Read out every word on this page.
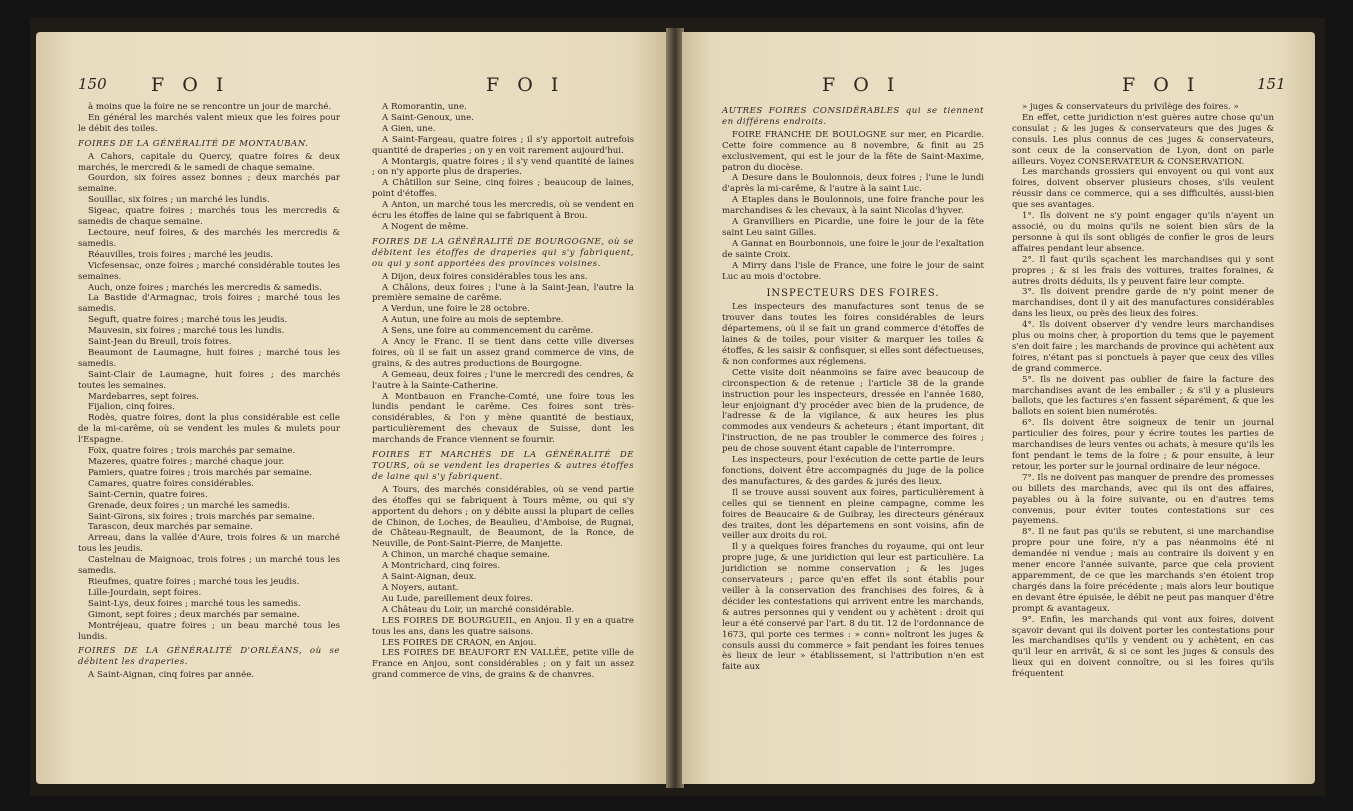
150 F O I	F O I

à moins que la foire ne se rencontre un jour de marché.

En général les marchés valent mieux que les foires pour le débit des toiles.

FOIRES DE LA GÉNÉRALITÉ DE MONTAUBAN.

A Cahors, capitale du Quercy, quatre foires & deux marchés, le mercredi & le samedi de chaque semaine.

Gourdon, six foires assez bonnes ; deux marchés par semaine.

Souillac, six foires ; un marché les lundis.

Sigeac, quatre foires ; marchés tous les mercredis & samedis de chaque semaine.

Lectoure, neuf foires, & des marchés les mercredis & samedis.

Réauvilles, trois foires ; marché les jeudis.

Vicfesensac, onze foires ; marché considérable toutes les semaines.

Auch, onze foires ; marchés les mercredis & samedis.

La Bastide d'Armagnac, trois foires ; marché tous les samedis.

Seguft, quatre foires ; marché tous les jeudis.

Mauvesin, six foires ; marché tous les lundis.

Saint-Jean du Breuil, trois foires.

Beaumont de Laumagne, huit foires ; marché tous les samedis.

Saint-Clair de Laumagne, huit foires ; des marchés toutes les semaines.

Mardebarres, sept foires.

Fijalion, cinq foires.

Rodès, quatre foires, dont la plus considérable est celle de la mi-carême, où se vendent les mules & mulets pour l'Espagne.

Foix, quatre foires ; trois marchés par semaine.

Mazeres, quatre foires ; marché chaque jour.

Pamiers, quatre foires ; trois marchés par semaine.

Camares, quatre foires considérables.

Saint-Cernin, quatre foires.

Grenade, deux foires ; un marché les samedis.

Saint-Girons, six foires ; trois marchés par semaine.

Tarascon, deux marchés par semaine.

Arreau, dans la vallée d'Aure, trois foires & un marché tous les jeudis.

Castelnau de Maignoac, trois foires ; un marché tous les samedis.

Rieufmes, quatre foires ; marché tous les jeudis.

Lille-Jourdain, sept foires.

Saint-Lys, deux foires ; marché tous les samedis.

Gimont, sept foires ; deux marchés par semaine.

Montréjeau, quatre foires ; un beau marché tous les lundis.

FOIRES DE LA GÉNÉRALITÉ D'ORLÉANS, où se débitent les draperies.

A Saint-Aignan, cinq foires par année.

A Romorantin, une.

A Saint-Genoux, une.

A Gien, une.

A Saint-Fargeau, quatre foires ; il s'y apportoit autrefois quantité de draperies ; on y en voit rarement aujourd'hui.

A Montargis, quatre foires ; il s'y vend quantité de laines ; on n'y apporte plus de draperies.

A Châtillon sur Seine, cinq foires ; beaucoup de laines, point d'étoffes.

A Anton, un marché tous les mercredis, où se vendent en écru les étoffes de laine qui se fabriquent à Brou.

A Nogent de même.

FOIRES DE LA GÉNÉRALITÉ DE BOURGOGNE, où se débitent les étoffes de draperies qui s'y fabriquent, ou qui y sont apportées des provinces voisines.

A Dijon, deux foires considérables tous les ans.

A Châlons, deux foires ; l'une à la Saint-Jean, l'autre la première semaine de carême.

A Verdun, une foire le 28 octobre.

A Autun, une foire au mois de septembre.

A Sens, une foire au commencement du carême.

A Ancy le Franc. Il se tient dans cette ville diverses foires, où il se fait un assez grand commerce de vins, de grains, & des autres productions de Bourgogne.

A Gemeau, deux foires ; l'une le mercredi des cendres, & l'autre à la Sainte-Catherine.

A Montbauon en Franche-Comté, une foire tous les lundis pendant le carême. Ces foires sont très-considérables, & l'on y mène quantité de bestiaux, particulièrement des chevaux de Suisse, dont les marchands de France viennent se fournir.

FOIRES ET MARCHÉS DE LA GÉNÉRALITÉ DE TOURS, où se vendent les draperies & autres étoffes de laine qui s'y fabriquent.

A Tours, des marchés considérables, où se vend partie des étoffes qui se fabriquent à Tours même, ou qui s'y apportent du dehors ; on y débite aussi la plupart de celles de Chinon, de Loches, de Beaulieu, d'Amboise, de Rugnai, de Château-Regnault, de Beaumont, de la Ronce, de Neuville, de Pont-Saint-Pierre, de Manjette.

A Chinon, un marché chaque semaine.

A Montrichard, cinq foires.

A Saint-Aignan, deux.

A Noyers, autant.

Au Lude, pareillement deux foires.

A Château du Loir, un marché considérable.

LES FOIRES DE BOURGUEIL, en Anjou. Il y en a quatre tous les ans, dans les quatre saisons.

LES FOIRES DE CRAON, en Anjou.

LES FOIRES DE BEAUFORT EN VALLÉE, petite ville de France en Anjou, sont considérables ; on y fait un assez grand commerce de vins, de grains & de chanvres.

F O I	F O I	151

AUTRES FOIRES CONSIDÉRABLES qui se tiennent en différens endroits.

FOIRE FRANCHE DE BOULOGNE sur mer, en Picardie. Cette foire commence au 8 novembre, & finit au 25 exclusivement, qui est le jour de la fête de Saint-Maxime, patron du diocèse.

A Desure dans le Boulonnois, deux foires ; l'une le lundi d'après la mi-carême, & l'autre à la saint Luc.

A Etaples dans le Boulonnois, une foire franche pour les marchandises & les chevaux, à la saint Nicolas d'hyver.

A Granvilliers en Picardie, une foire le jour de la fête saint Leu saint Gilles.

A Gannat en Bourbonnois, une foire le jour de l'exaltation de sainte Croix.

A Mirry dans l'isle de France, une foire le jour de saint Luc au mois d'octobre.

INSPECTEURS DES FOIRES.

Les inspecteurs des manufactures sont tenus de se trouver dans toutes les foires considérables de leurs départemens, où il se fait un grand commerce d'étoffes de laines & de toiles, pour visiter & marquer les toiles & étoffes, & les saisir & confisquer, si elles sont défectueuses, & non conformes aux réglemens.

Cette visite doit néanmoins se faire avec beaucoup de circonspection & de retenue ; l'article 38 de la grande instruction pour les inspecteurs, dressée en l'année 1680, leur enjoignant d'y procéder avec bien de la prudence, de l'adresse & de la vigilance, & aux heures les plus commodes aux vendeurs & acheteurs ; étant important, dit l'instruction, de ne pas troubler le commerce des foires ; peu de chose souvent étant capable de l'interrompre.

Les inspecteurs, pour l'exécution de cette partie de leurs fonctions, doivent être accompagnés du juge de la police des manufactures, & des gardes & jurés des lieux.

Il se trouve aussi souvent aux foires, particulièrement à celles qui se tiennent en pleine campagne, comme les foires de Beaucaire & de Guibray, les directeurs généraux des traites, dont les départemens en sont voisins, afin de veiller aux droits du roi.

Il y a quelques foires franches du royaume, qui ont leur propre juge, & une juridiction qui leur est particulière. La juridiction se nomme conservation ; & les juges conservateurs ; parce qu'en effet ils sont établis pour veiller à la conservation des franchises des foires, & à décider les contestations qui arrivent entre les marchands, & autres personnes qui y vendent ou y achètent : droit qui leur a été conservé par l'art. 8 du tit. 12 de l'ordonnance de 1673, qui porte ces termes : » conn» noîtront les juges & consuls aussi du commerce » fait pendant les foires tenues ès lieux de leur » établissement, si l'attribution n'en est faite aux

» juges & conservateurs du privilège des foires. »

En effet, cette juridiction n'est guères autre chose qu'un consulat ; & les juges & conservateurs que des juges & consuls. Les plus connus de ces juges & conservateurs, sont ceux de la conservation de Lyon, dont on parle ailleurs. Voyez CONSERVATEUR & CONSERVATION.

Les marchands grossiers qui envoyent ou qui vont aux foires, doivent observer plusieurs choses, s'ils veulent réussir dans ce commerce, qui a ses difficultés, aussi-bien que ses avantages.

1°. Ils doivent ne s'y point engager qu'ils n'ayent un associé, ou du moins qu'ils ne soient bien sûrs de la personne à qui ils sont obligés de confier le gros de leurs affaires pendant leur absence.

2°. Il faut qu'ils sçachent les marchandises qui y sont propres ; & si les frais des voitures, traites foraines, & autres droits déduits, ils y peuvent faire leur compte.

3°. Ils doivent prendre garde de n'y point mener de marchandises, dont il y ait des manufactures considérables dans les lieux, ou près des lieux des foires.

4°. Ils doivent observer d'y vendre leurs marchandises plus ou moins cher, à proportion du tems que le payement s'en doit faire ; les marchands de province qui achètent aux foires, n'étant pas si ponctuels à payer que ceux des villes de grand commerce.

5°. Ils ne doivent pas oublier de faire la facture des marchandises avant de les emballer ; & s'il y a plusieurs ballots, que les factures s'en fassent séparément, & que les ballots en soient bien numérotés.

6°. Ils doivent être soigneux de tenir un journal particulier des foires, pour y écrire toutes les parties de marchandises de leurs ventes ou achats, à mesure qu'ils les font pendant le tems de la foire ; & pour ensuite, à leur retour, les porter sur le journal ordinaire de leur négoce.

7°. Ils ne doivent pas manquer de prendre des promesses ou billets des marchands, avec qui ils ont des affaires, payables ou à la foire suivante, ou en d'autres tems convenus, pour éviter toutes contestations sur ces payemens.

8°. Il ne faut pas qu'ils se rebutent, si une marchandise propre pour une foire, n'y a pas néanmoins été ni demandée ni vendue ; mais au contraire ils doivent y en mener encore l'année suivante, parce que cela provient apparemment, de ce que les marchands s'en étoient trop chargés dans la foire précédente ; mais alors leur boutique en devant être épuisée, le débit ne peut pas manquer d'être prompt & avantageux.

9°. Enfin, les marchands qui vont aux foires, doivent sçavoir devant qui ils doivent porter les contestations pour les marchandises qu'ils y vendent ou y achètent, en cas qu'il leur en arrivât, & si ce sont les juges & consuls des lieux qui en doivent connoître, ou si les foires qu'ils fréquentent
